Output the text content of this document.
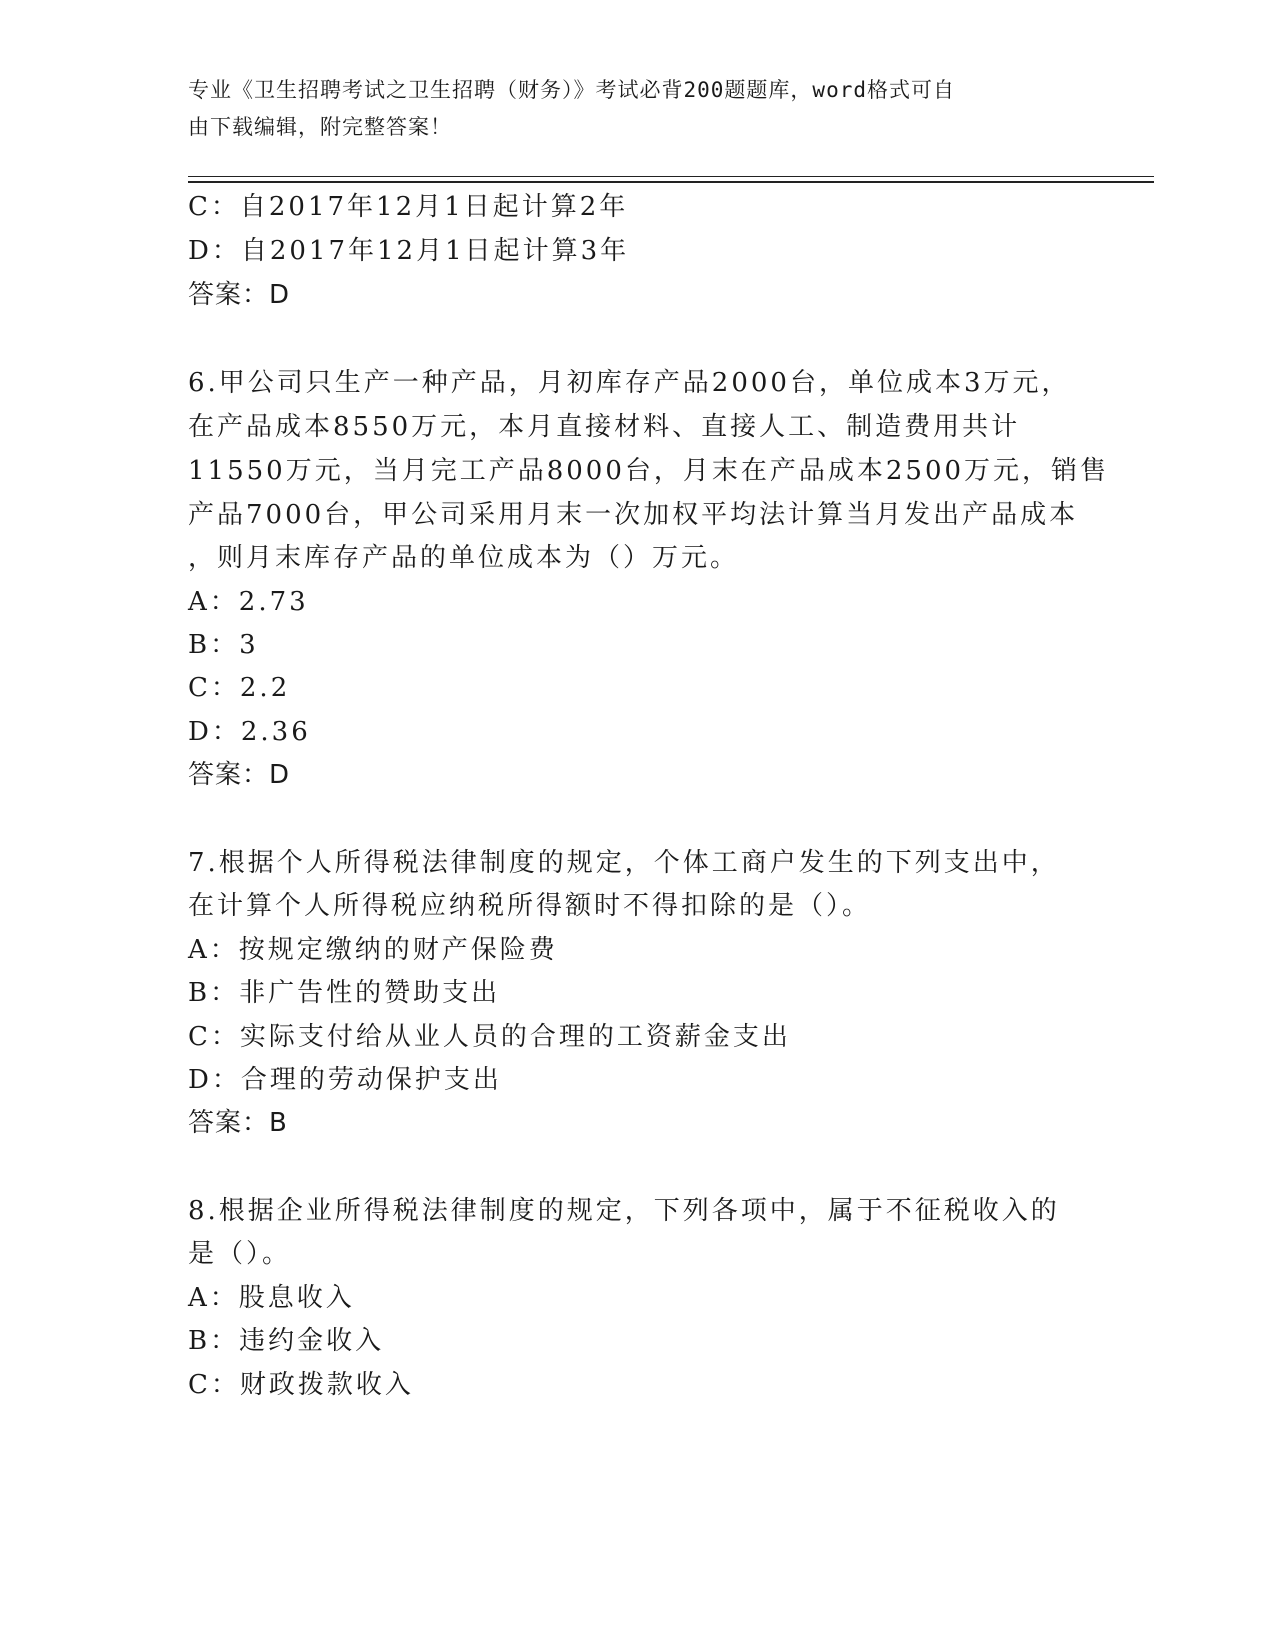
专业《卫生招聘考试之卫生招聘（财务）》考试必背200题题库，word格式可自
由下载编辑，附完整答案！
C：自2017年12月1日起计算2年
D：自2017年12月1日起计算3年
答案：D
6.甲公司只生产一种产品，月初库存产品2000台，单位成本3万元，
在产品成本8550万元，本月直接材料、直接人工、制造费用共计
11550万元，当月完工产品8000台，月末在产品成本2500万元，销售
产品7000台，甲公司采用月末一次加权平均法计算当月发出产品成本
，则月末库存产品的单位成本为（）万元。
A：2.73
B：3
C：2.2
D：2.36
答案：D
7.根据个人所得税法律制度的规定，个体工商户发生的下列支出中，
在计算个人所得税应纳税所得额时不得扣除的是（）。
A：按规定缴纳的财产保险费
B：非广告性的赞助支出
C：实际支付给从业人员的合理的工资薪金支出
D：合理的劳动保护支出
答案：B
8.根据企业所得税法律制度的规定，下列各项中，属于不征税收入的
是（）。
A：股息收入
B：违约金收入
C：财政拨款收入
